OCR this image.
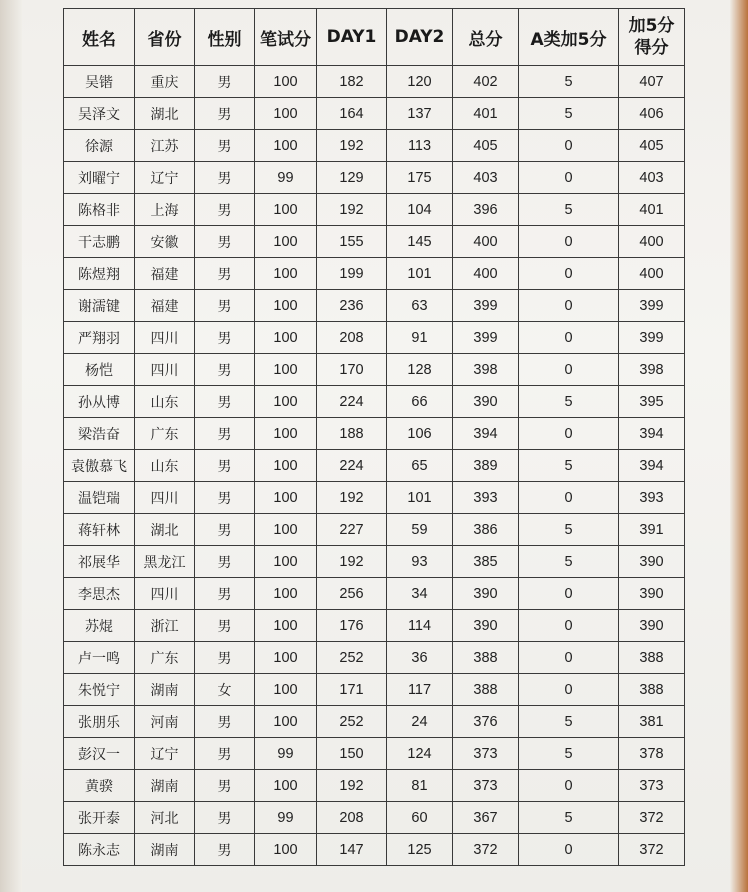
姓名	省份	性别	笔试分	DAY1	DAY2	总分	A类加5分	加5分
得分
吴锴	重庆	男	100	182	120	402	5	407
吴泽文	湖北	男	100	164	137	401	5	406
徐源	江苏	男	100	192	113	405	0	405
刘曜宁	辽宁	男	99	129	175	403	0	403
陈格非	上海	男	100	192	104	396	5	401
干志鹏	安徽	男	100	155	145	400	0	400
陈煜翔	福建	男	100	199	101	400	0	400
谢濡键	福建	男	100	236	63	399	0	399
严翔羽	四川	男	100	208	91	399	0	399
杨恺	四川	男	100	170	128	398	0	398
孙从博	山东	男	100	224	66	390	5	395
梁浩奋	广东	男	100	188	106	394	0	394
袁傲慕飞	山东	男	100	224	65	389	5	394
温铠瑞	四川	男	100	192	101	393	0	393
蒋轩林	湖北	男	100	227	59	386	5	391
祁展华	黑龙江	男	100	192	93	385	5	390
李思杰	四川	男	100	256	34	390	0	390
苏焜	浙江	男	100	176	114	390	0	390
卢一鸣	广东	男	100	252	36	388	0	388
朱悦宁	湖南	女	100	171	117	388	0	388
张朋乐	河南	男	100	252	24	376	5	381
彭汉一	辽宁	男	99	150	124	373	5	378
黄骙	湖南	男	100	192	81	373	0	373
张开泰	河北	男	99	208	60	367	5	372
陈永志	湖南	男	100	147	125	372	0	372
